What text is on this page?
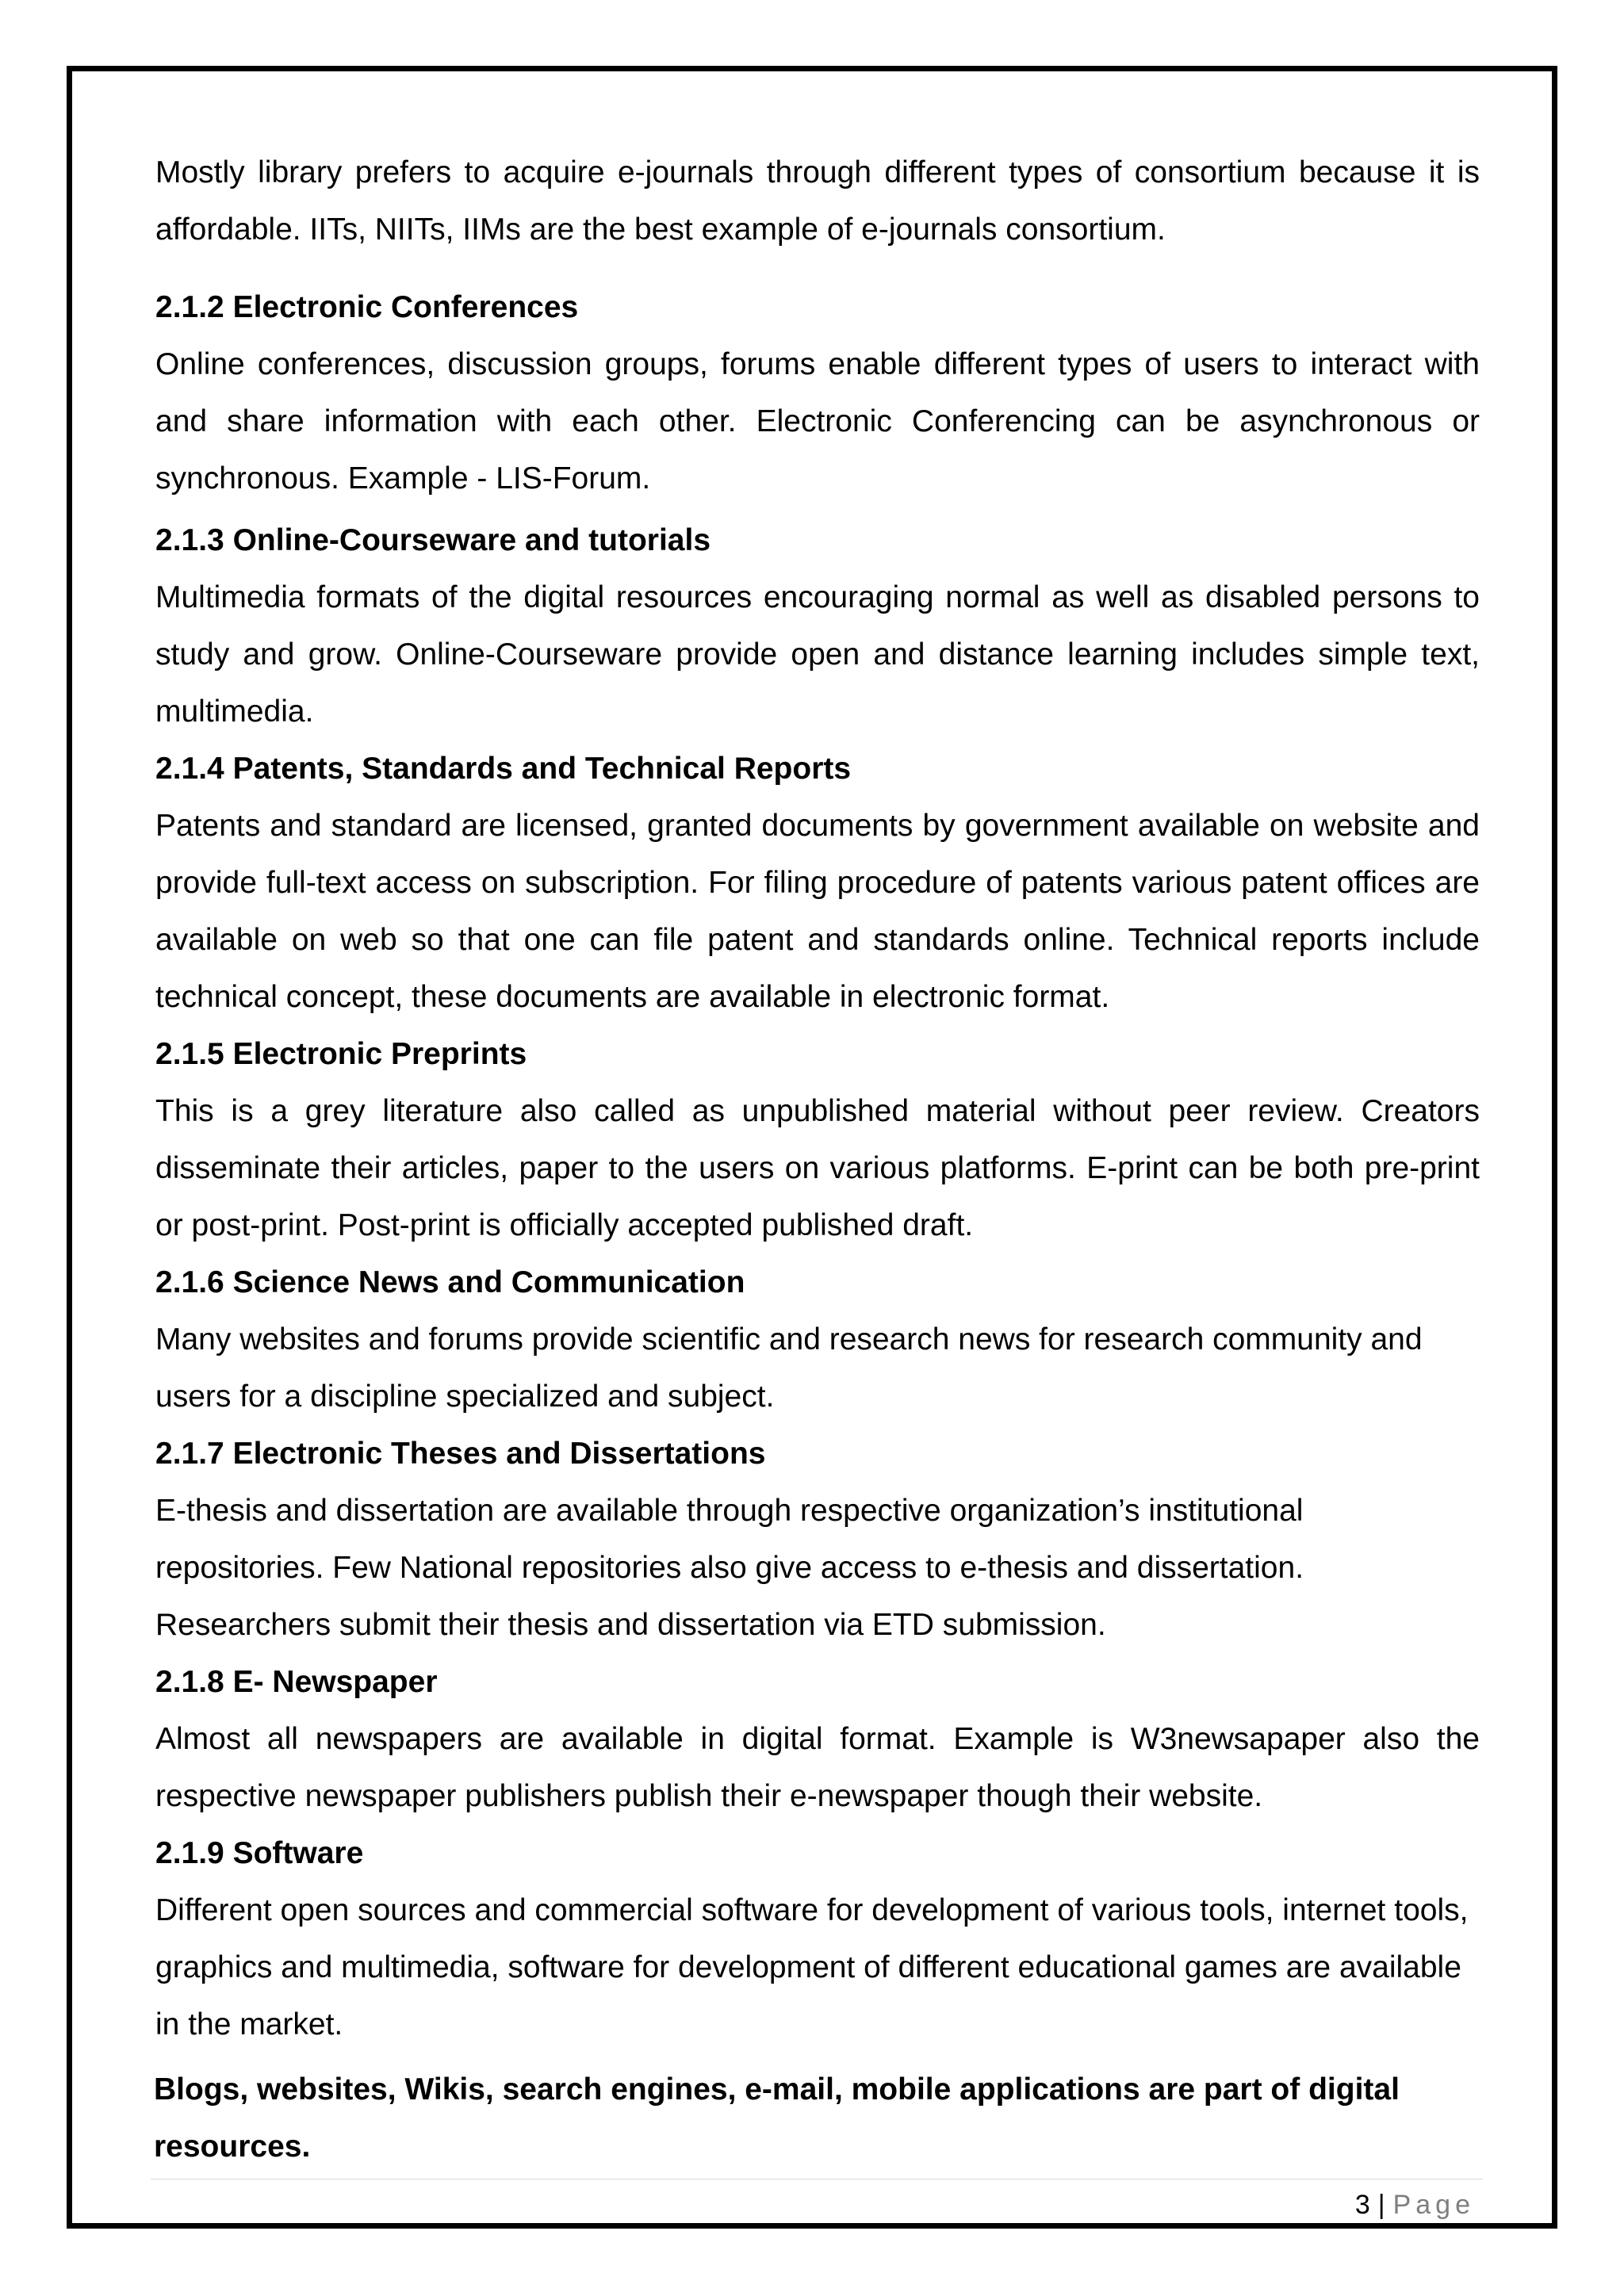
Mostly library prefers to acquire e-journals through different types of consortium because it is affordable. IITs, NIITs, IIMs are the best example of e-journals consortium.

2.1.2 Electronic Conferences

Online conferences, discussion groups, forums enable different types of users to interact with and share information with each other. Electronic Conferencing can be asynchronous or synchronous. Example - LIS-Forum.

2.1.3 Online-Courseware and tutorials

Multimedia formats of the digital resources encouraging normal as well as disabled persons to study and grow. Online-Courseware provide open and distance learning includes simple text, multimedia.

2.1.4 Patents, Standards and Technical Reports

Patents and standard are licensed, granted documents by government available on website and provide full-text access on subscription. For filing procedure of patents various patent offices are available on web so that one can file patent and standards online. Technical reports include technical concept, these documents are available in electronic format.

2.1.5 Electronic Preprints

This is a grey literature also called as unpublished material without peer review. Creators disseminate their articles, paper to the users on various platforms. E-print can be both pre-print or post-print. Post-print is officially accepted published draft.

2.1.6 Science News and Communication

Many websites and forums provide scientific and research news for research community and users for a discipline specialized and subject.

2.1.7 Electronic Theses and Dissertations

E-thesis and dissertation are available through respective organization’s institutional repositories. Few National repositories also give access to e-thesis and dissertation. Researchers submit their thesis and dissertation via ETD submission.

2.1.8 E- Newspaper

Almost all newspapers are available in digital format. Example is W3newsapaper also the respective newspaper publishers publish their e-newspaper though their website.

2.1.9 Software

Different open sources and commercial software for development of various tools, internet tools, graphics and multimedia, software for development of different educational games are available in the market.

Blogs, websites, Wikis, search engines, e-mail, mobile applications are part of digital resources.

3 | Page
